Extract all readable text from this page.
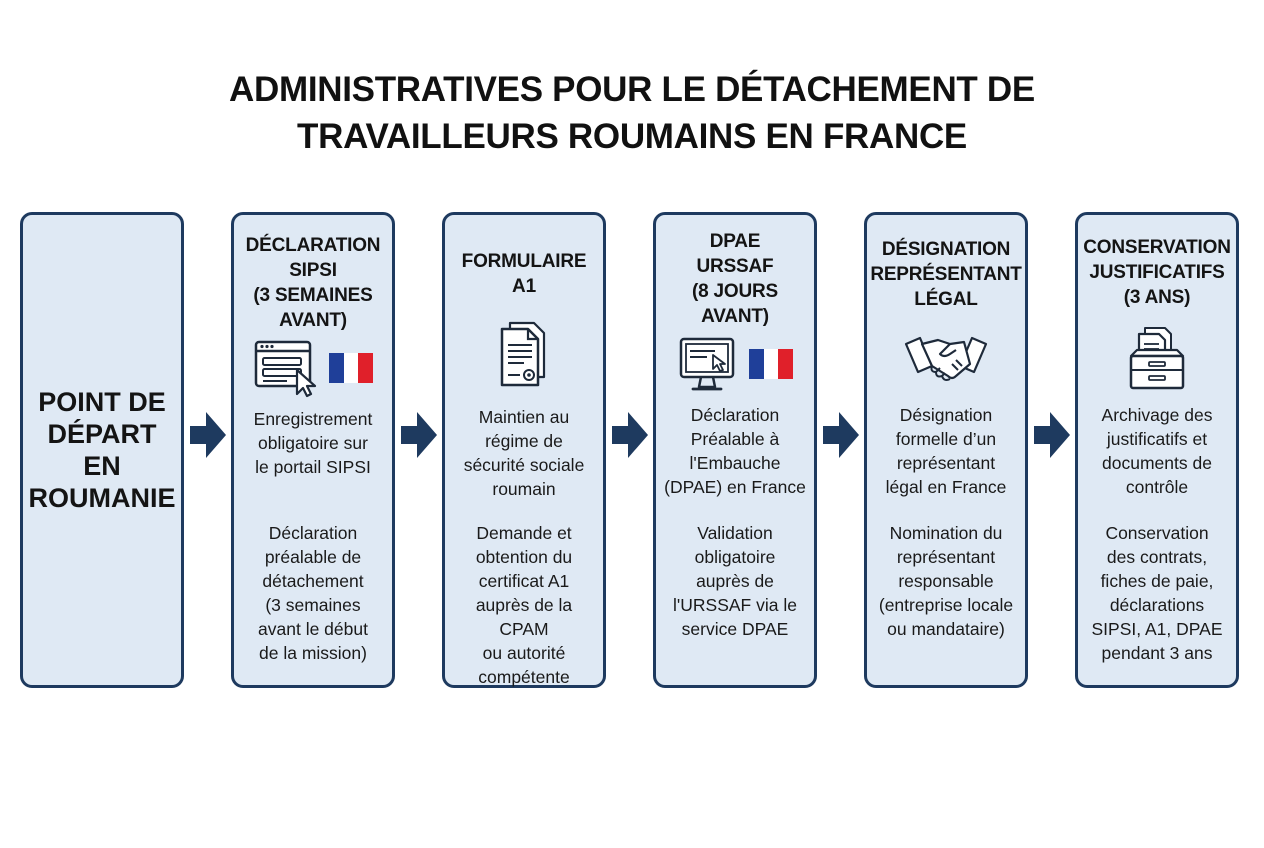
ADMINISTRATIVES POUR LE DÉTACHEMENT DE
TRAVAILLEURS ROUMAINS EN FRANCE
POINT DE
DÉPART
EN
ROUMANIE
DÉCLARATION
SIPSI
(3 SEMAINES
AVANT)
Enregistrement
obligatoire sur
le portail SIPSI
Déclaration
préalable de
détachement
(3 semaines
avant le début
de la mission)
FORMULAIRE
A1
Maintien au
régime de
sécurité sociale
roumain
Demande et
obtention du
certificat A1
auprès de la CPAM
ou autorité
compétente
DPAE
URSSAF
(8 JOURS
AVANT)
Déclaration
Préalable à
l'Embauche
(DPAE) en France
Validation
obligatoire
auprès de
l'URSSAF via le
service DPAE
DÉSIGNATION
REPRÉSENTANT
LÉGAL
Désignation
formelle d’un
représentant
légal en France
Nomination du
représentant
responsable
(entreprise locale
ou mandataire)
CONSERVATION
JUSTIFICATIFS
(3 ANS)
Archivage des
justificatifs et
documents de
contrôle
Conservation
des contrats,
fiches de paie,
déclarations
SIPSI, A1, DPAE
pendant 3 ans
